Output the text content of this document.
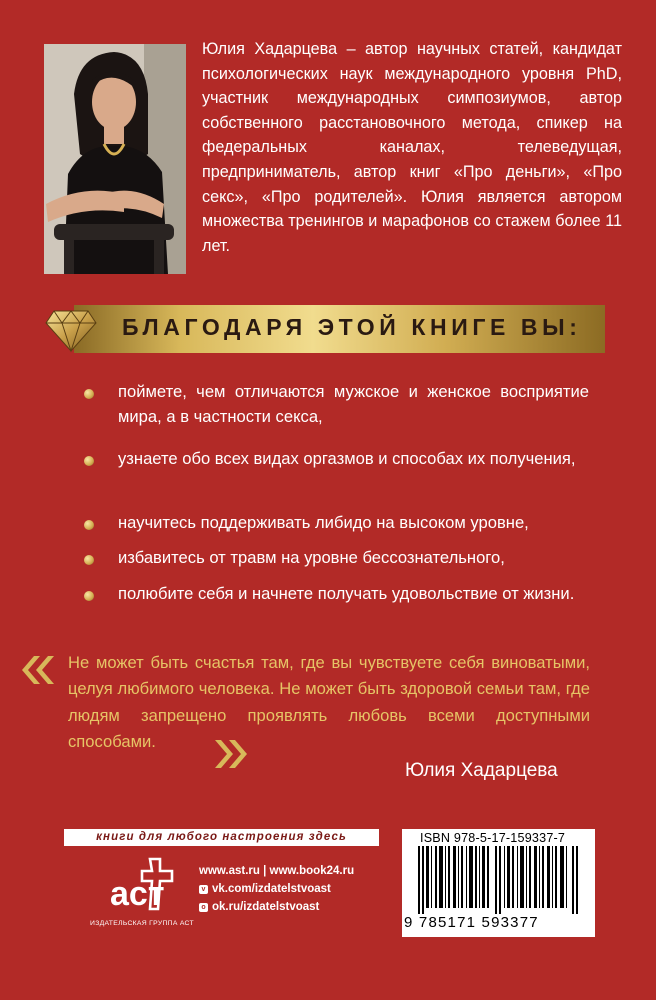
Юлия Хадарцева – автор научных статей, кандидат психологических наук международного уровня PhD, участник международных симпозиумов, автор собственного расстановочного метода, спикер на федеральных каналах, телеведущая, предприниматель, автор книг «Про деньги», «Про секс», «Про родителей». Юлия является автором множества тренингов и марафонов со стажем более 11 лет.
БЛАГОДАРЯ ЭТОЙ КНИГЕ ВЫ:
поймете, чем отличаются мужское и женское восприятие мира, а в частности секса,
узнаете обо всех видах оргазмов и способах их получения,
научитесь поддерживать либидо на высоком уровне,
избавитесь от травм на уровне бессознательного,
полюбите себя и начнете получать удовольствие от жизни.
Не может быть счастья там, где вы чувствуете себя виноватыми, целуя любимого человека. Не может быть здоровой семьи там, где людям запрещено проявлять любовь всеми доступными способами.
Юлия Хадарцева
книги для любого настроения здесь
аст
ИЗДАТЕЛЬСКАЯ ГРУППА АСТ
www.ast.ru | www.book24.ru
v vk.com/izdatelstvoast
o ok.ru/izdatelstvoast
ISBN 978-5-17-159337-7
9 785171 593377
